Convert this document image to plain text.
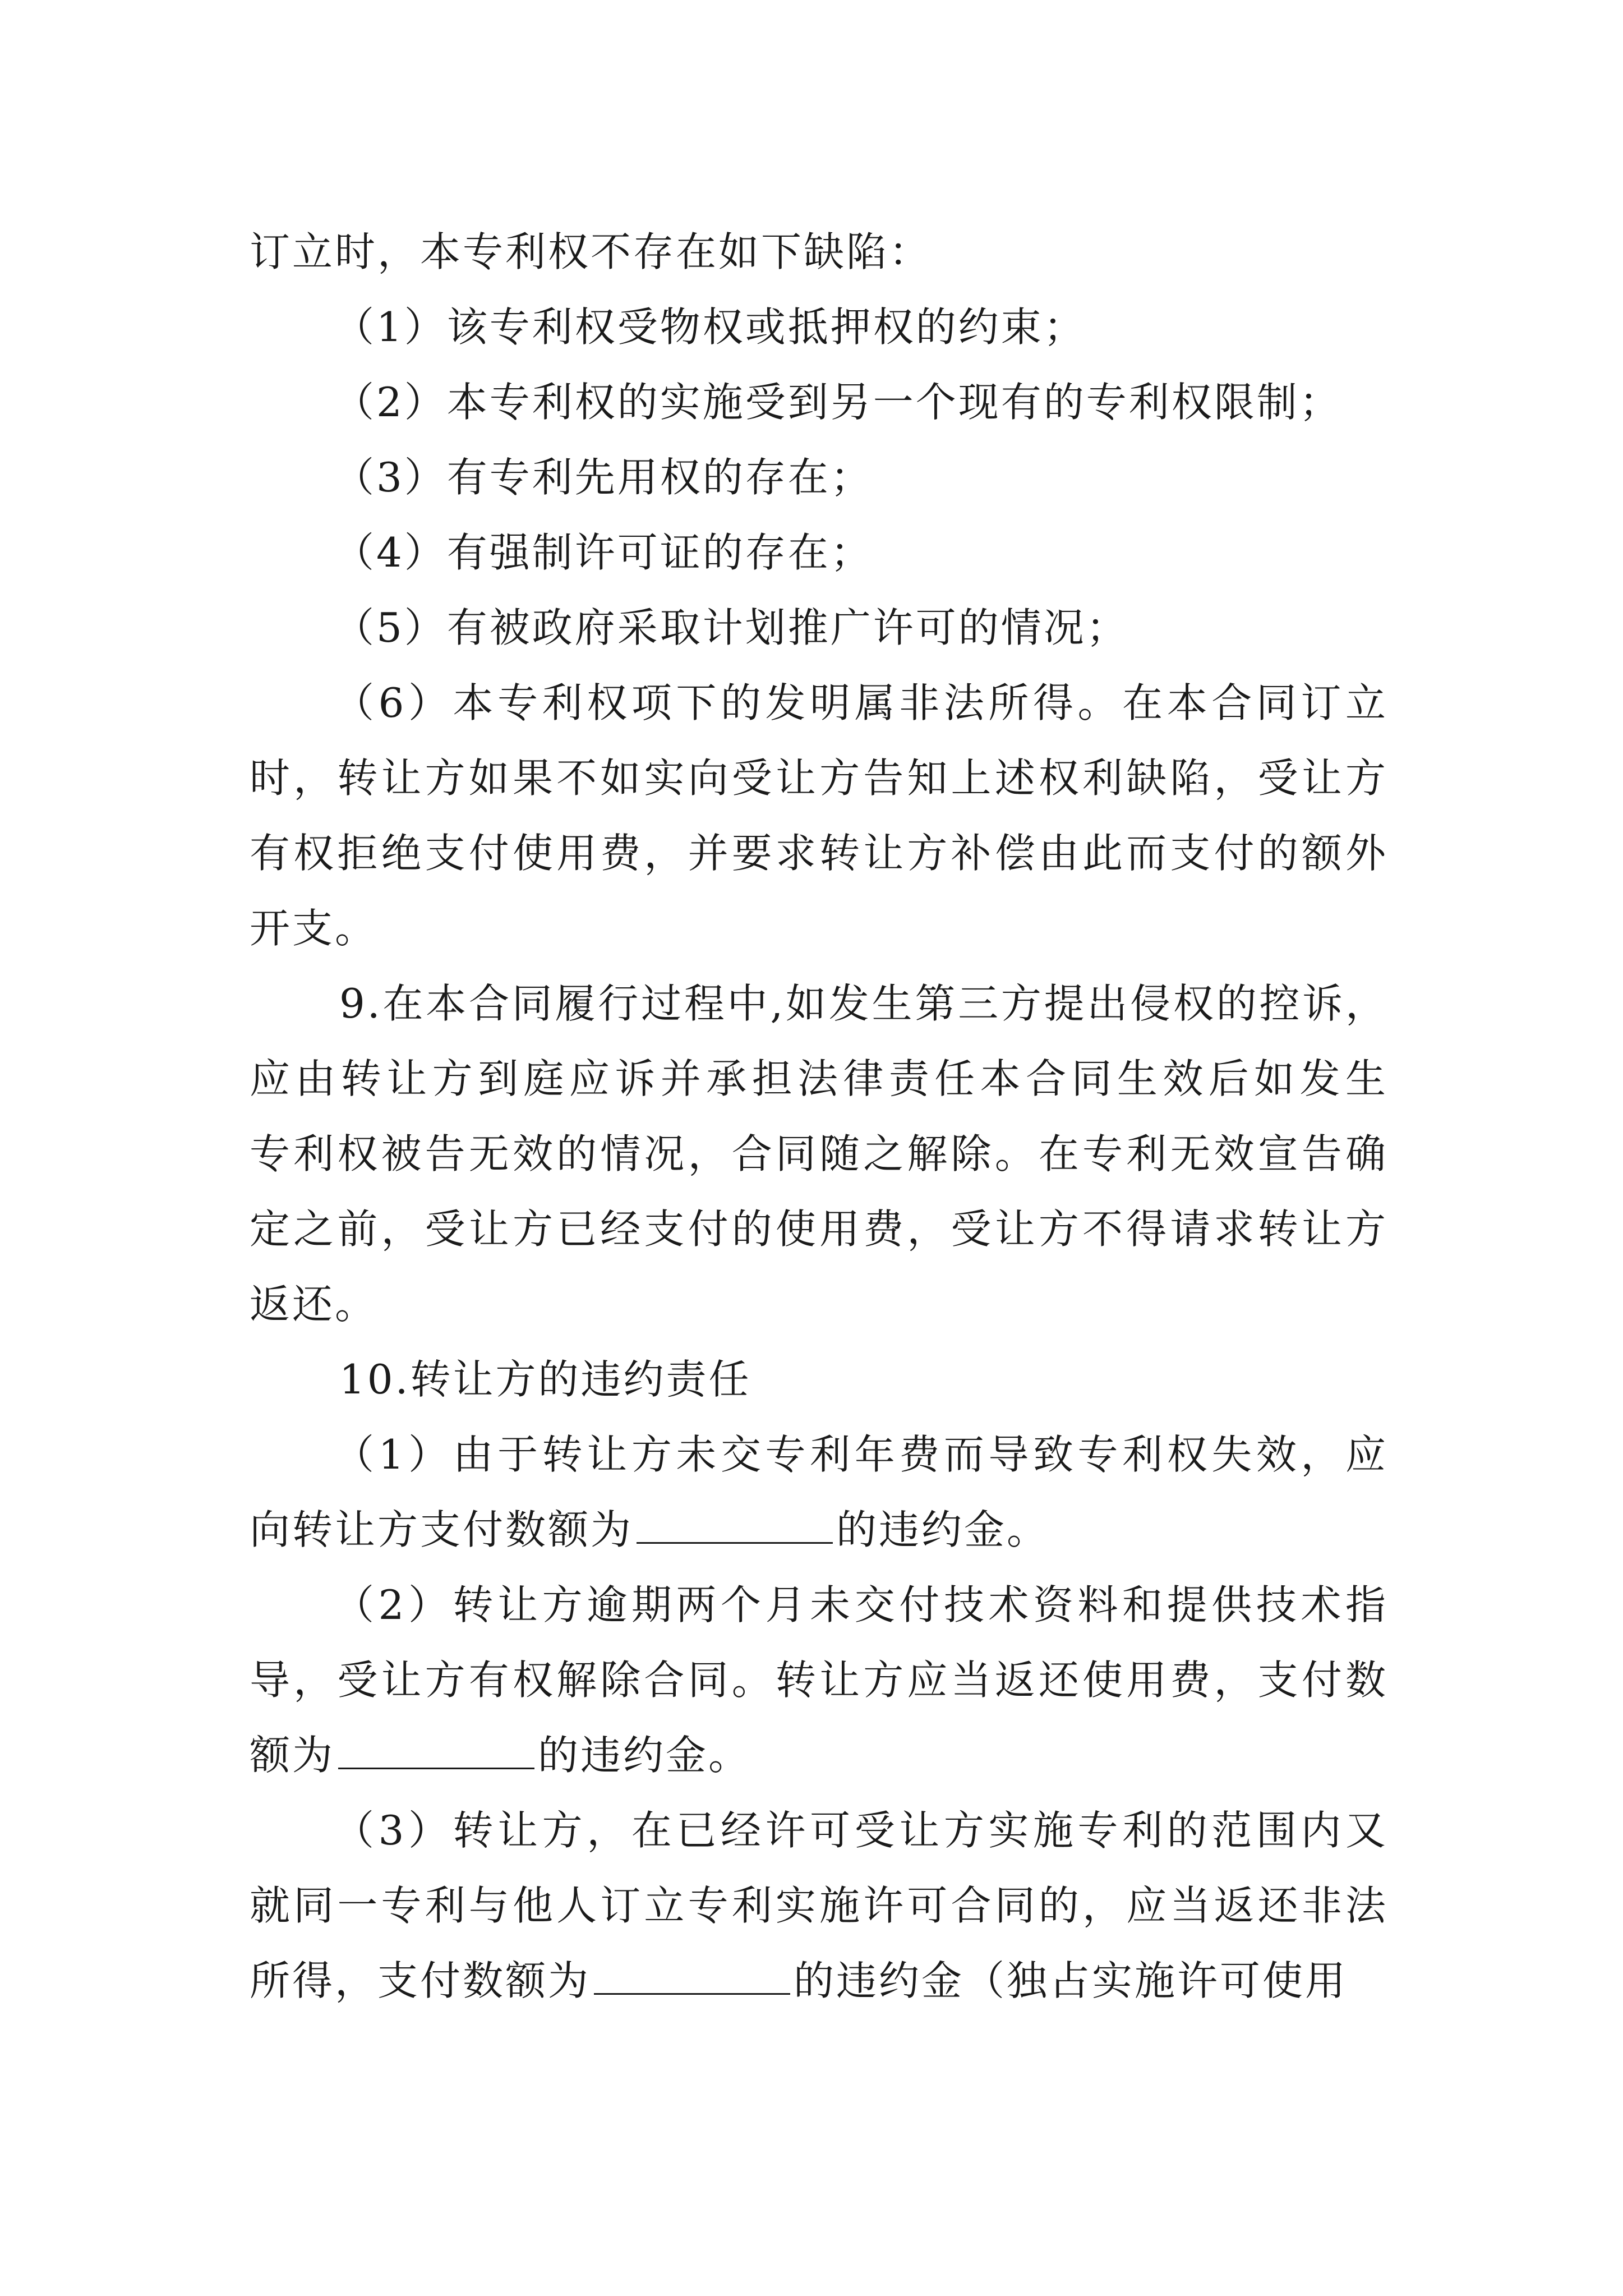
订立时，本专利权不存在如下缺陷：
（1）该专利权受物权或抵押权的约束；
（2）本专利权的实施受到另一个现有的专利权限制；
（3）有专利先用权的存在；
（4）有强制许可证的存在；
（5）有被政府采取计划推广许可的情况；
（6）本专利权项下的发明属非法所得。在本合同订立
时，转让方如果不如实向受让方告知上述权利缺陷，受让方
有权拒绝支付使用费，并要求转让方补偿由此而支付的额外
开支。
9.在本合同履行过程中,如发生第三方提出侵权的控诉，
应由转让方到庭应诉并承担法律责任本合同生效后如发生
专利权被告无效的情况，合同随之解除。在专利无效宣告确
定之前，受让方已经支付的使用费，受让方不得请求转让方
返还。
10.转让方的违约责任
（1）由于转让方未交专利年费而导致专利权失效，应
向转让方支付数额为	的违约金。
（2）转让方逾期两个月未交付技术资料和提供技术指
导，受让方有权解除合同。转让方应当返还使用费，支付数
额为	的违约金。
（3）转让方，在已经许可受让方实施专利的范围内又
就同一专利与他人订立专利实施许可合同的，应当返还非法
所得，支付数额为	的违约金（独占实施许可使用
